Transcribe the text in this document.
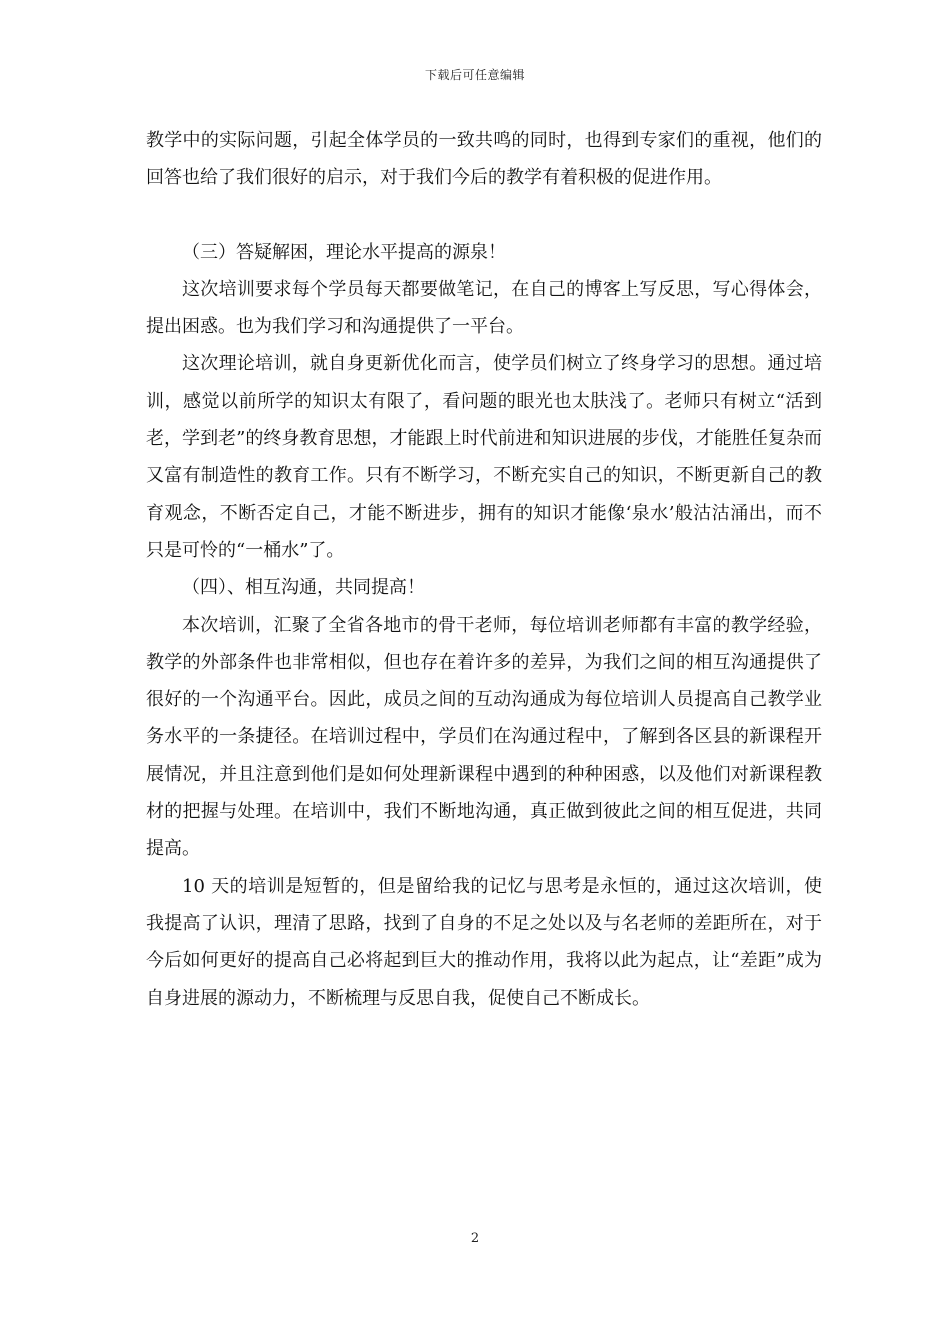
下载后可任意编辑

教学中的实际问题，引起全体学员的一致共鸣的同时，也得到专家们的重视，他们的回答也给了我们很好的启示，对于我们今后的教学有着积极的促进作用。

（三）答疑解困，理论水平提高的源泉！

这次培训要求每个学员每天都要做笔记，在自己的博客上写反思，写心得体会，提出困惑。也为我们学习和沟通提供了一平台。

这次理论培训，就自身更新优化而言，使学员们树立了终身学习的思想。通过培训，感觉以前所学的知识太有限了，看问题的眼光也太肤浅了。老师只有树立“活到老，学到老”的终身教育思想，才能跟上时代前进和知识进展的步伐，才能胜任复杂而又富有制造性的教育工作。只有不断学习，不断充实自己的知识，不断更新自己的教育观念，不断否定自己，才能不断进步，拥有的知识才能像‘泉水’般沽沽涌出，而不只是可怜的“一桶水”了。

（四）、相互沟通，共同提高！

本次培训，汇聚了全省各地市的骨干老师，每位培训老师都有丰富的教学经验，教学的外部条件也非常相似，但也存在着许多的差异，为我们之间的相互沟通提供了很好的一个沟通平台。因此，成员之间的互动沟通成为每位培训人员提高自己教学业务水平的一条捷径。在培训过程中，学员们在沟通过程中，了解到各区县的新课程开展情况，并且注意到他们是如何处理新课程中遇到的种种困惑，以及他们对新课程教材的把握与处理。在培训中，我们不断地沟通，真正做到彼此之间的相互促进，共同提高。

10 天的培训是短暂的，但是留给我的记忆与思考是永恒的，通过这次培训，使我提高了认识，理清了思路，找到了自身的不足之处以及与名老师的差距所在，对于今后如何更好的提高自己必将起到巨大的推动作用，我将以此为起点，让“差距”成为自身进展的源动力，不断梳理与反思自我，促使自己不断成长。

2
